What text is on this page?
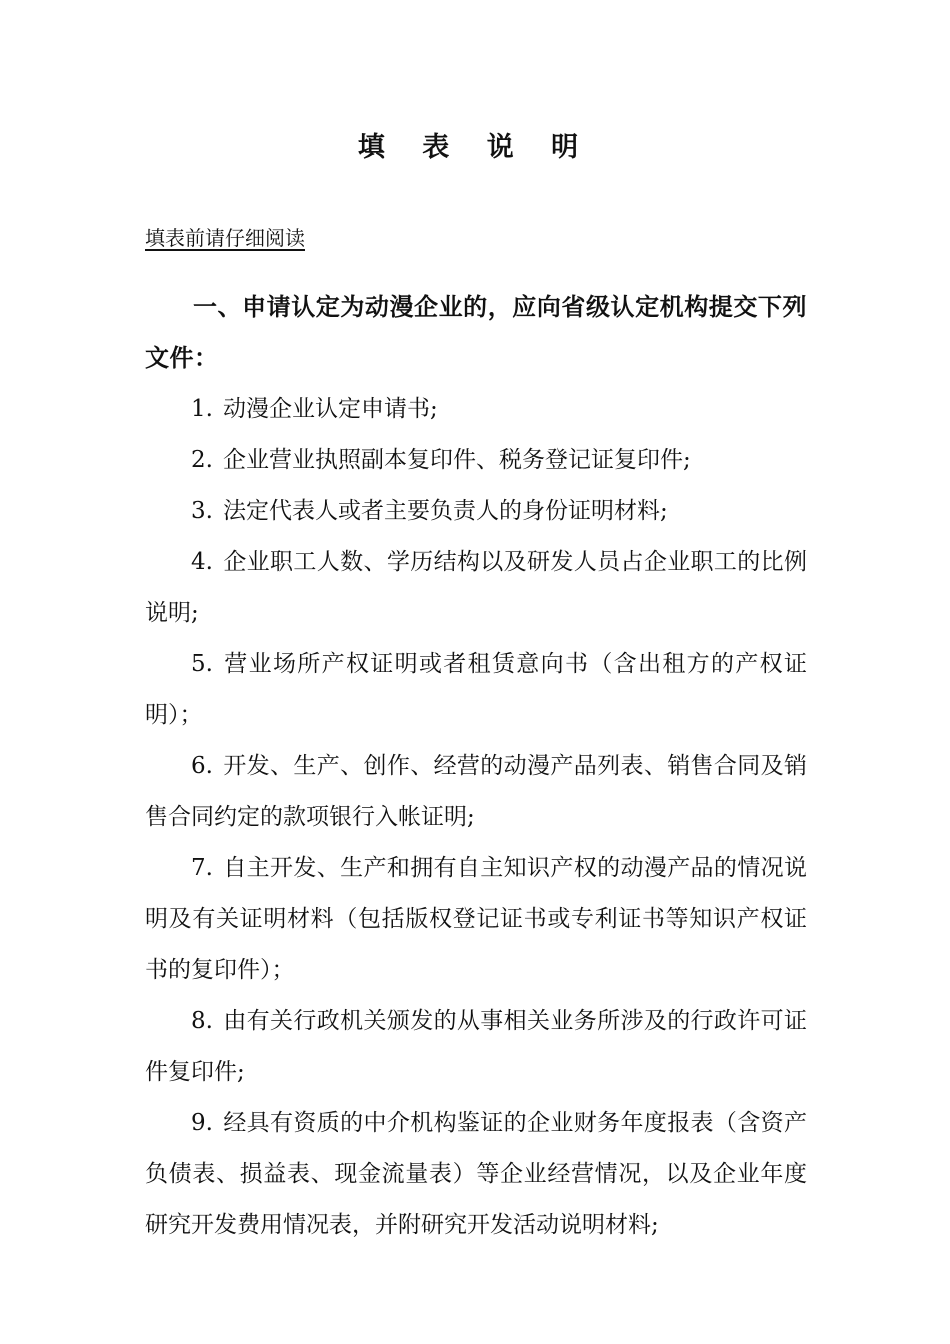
填 表 说 明
填表前请仔细阅读

一、申请认定为动漫企业的，应向省级认定机构提交下列文件：

1. 动漫企业认定申请书;

2. 企业营业执照副本复印件、税务登记证复印件;

3. 法定代表人或者主要负责人的身份证明材料;

4. 企业职工人数、学历结构以及研发人员占企业职工的比例说明;

5. 营业场所产权证明或者租赁意向书（含出租方的产权证明）；

6. 开发、生产、创作、经营的动漫产品列表、销售合同及销售合同约定的款项银行入帐证明;

7. 自主开发、生产和拥有自主知识产权的动漫产品的情况说明及有关证明材料（包括版权登记证书或专利证书等知识产权证书的复印件）；

8. 由有关行政机关颁发的从事相关业务所涉及的行政许可证件复印件;

9. 经具有资质的中介机构鉴证的企业财务年度报表（含资产负债表、损益表、现金流量表）等企业经营情况，以及企业年度研究开发费用情况表，并附研究开发活动说明材料;
